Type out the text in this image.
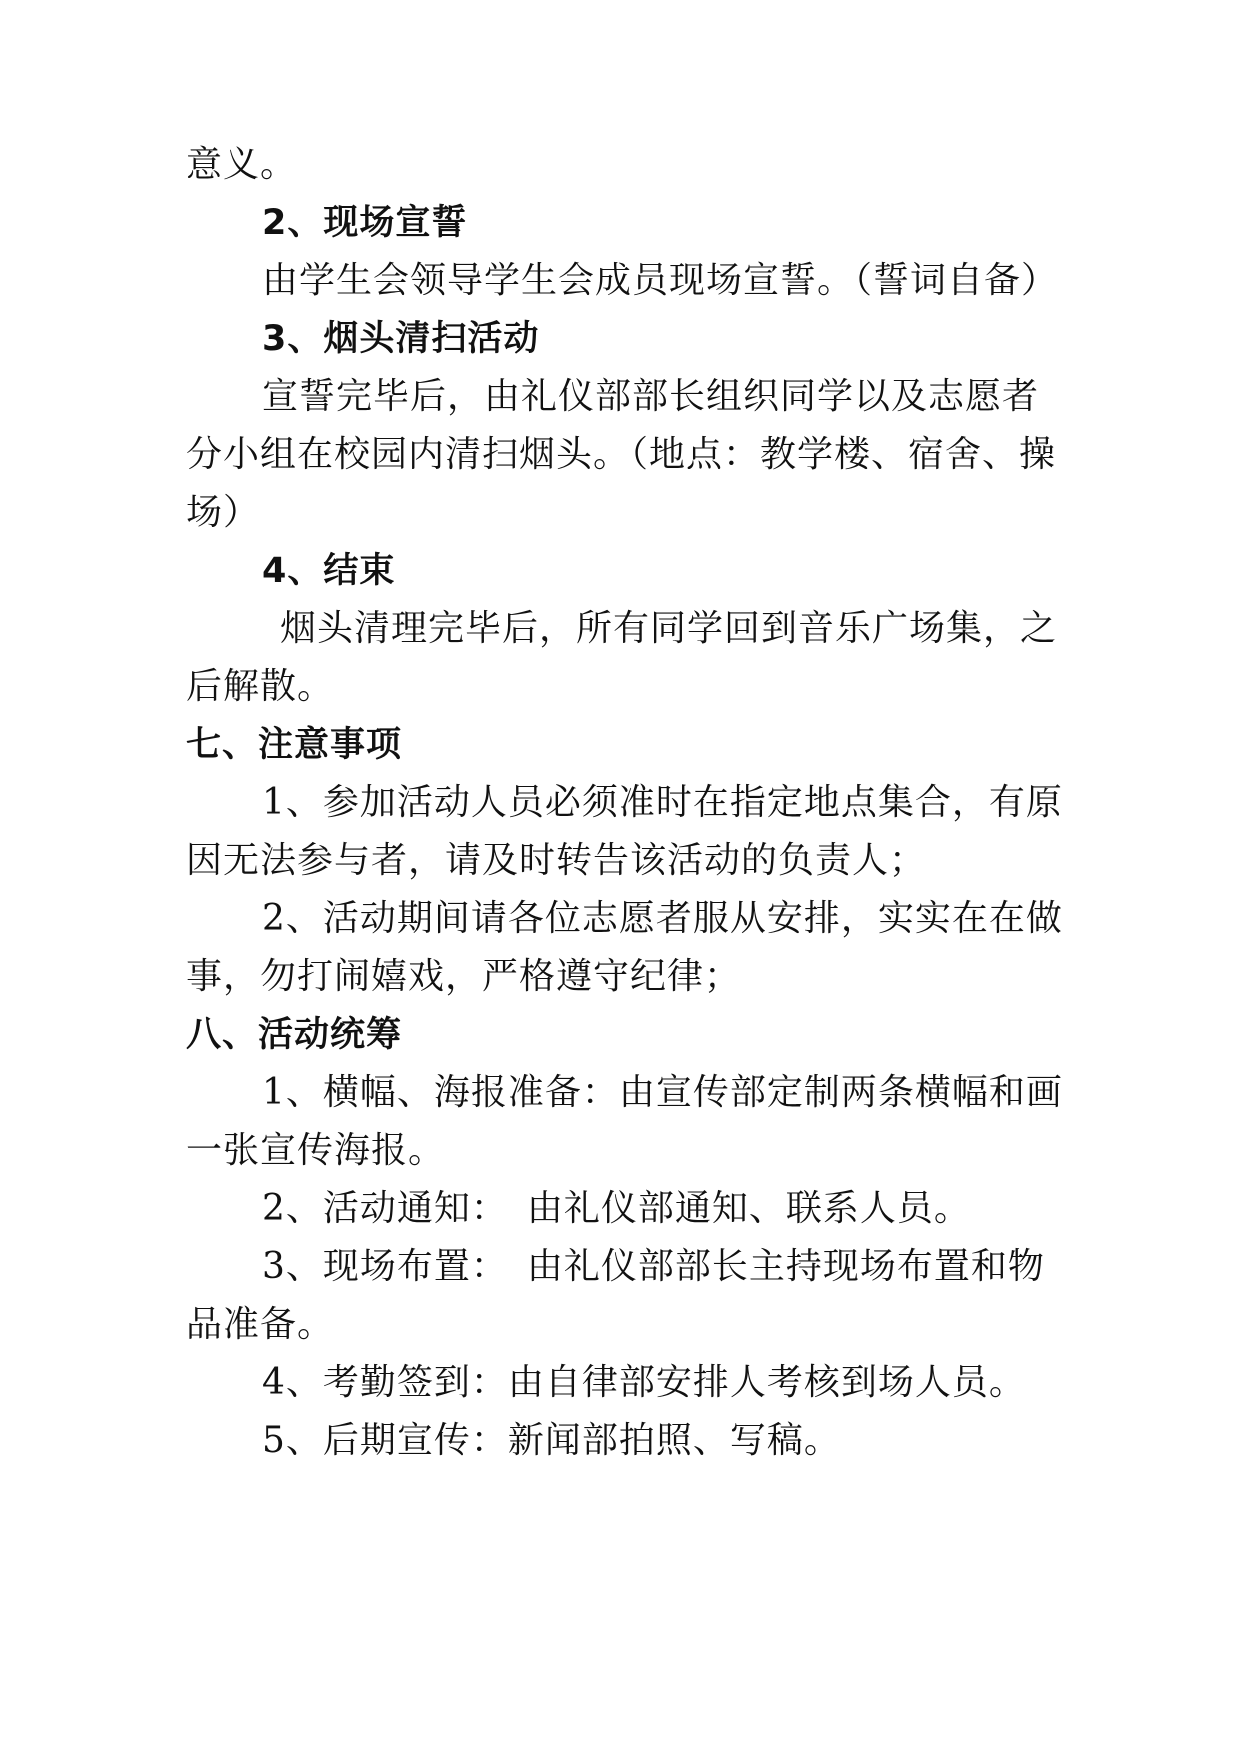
意义。
2、现场宣誓
由学生会领导学生会成员现场宣誓。（誓词自备）
3、烟头清扫活动
宣誓完毕后，由礼仪部部长组织同学以及志愿者
分小组在校园内清扫烟头。（地点：教学楼、宿舍、操
场）
4、结束
烟头清理完毕后，所有同学回到音乐广场集，之
后解散。
七、注意事项
1、参加活动人员必须准时在指定地点集合，有原
因无法参与者，请及时转告该活动的负责人；
2、活动期间请各位志愿者服从安排，实实在在做
事，勿打闹嬉戏，严格遵守纪律；
八、活动统筹
1、横幅、海报准备：由宣传部定制两条横幅和画
一张宣传海报。
2、活动通知：　由礼仪部通知、联系人员。
3、现场布置：　由礼仪部部长主持现场布置和物
品准备。
4、考勤签到：由自律部安排人考核到场人员。
5、后期宣传：新闻部拍照、写稿。
